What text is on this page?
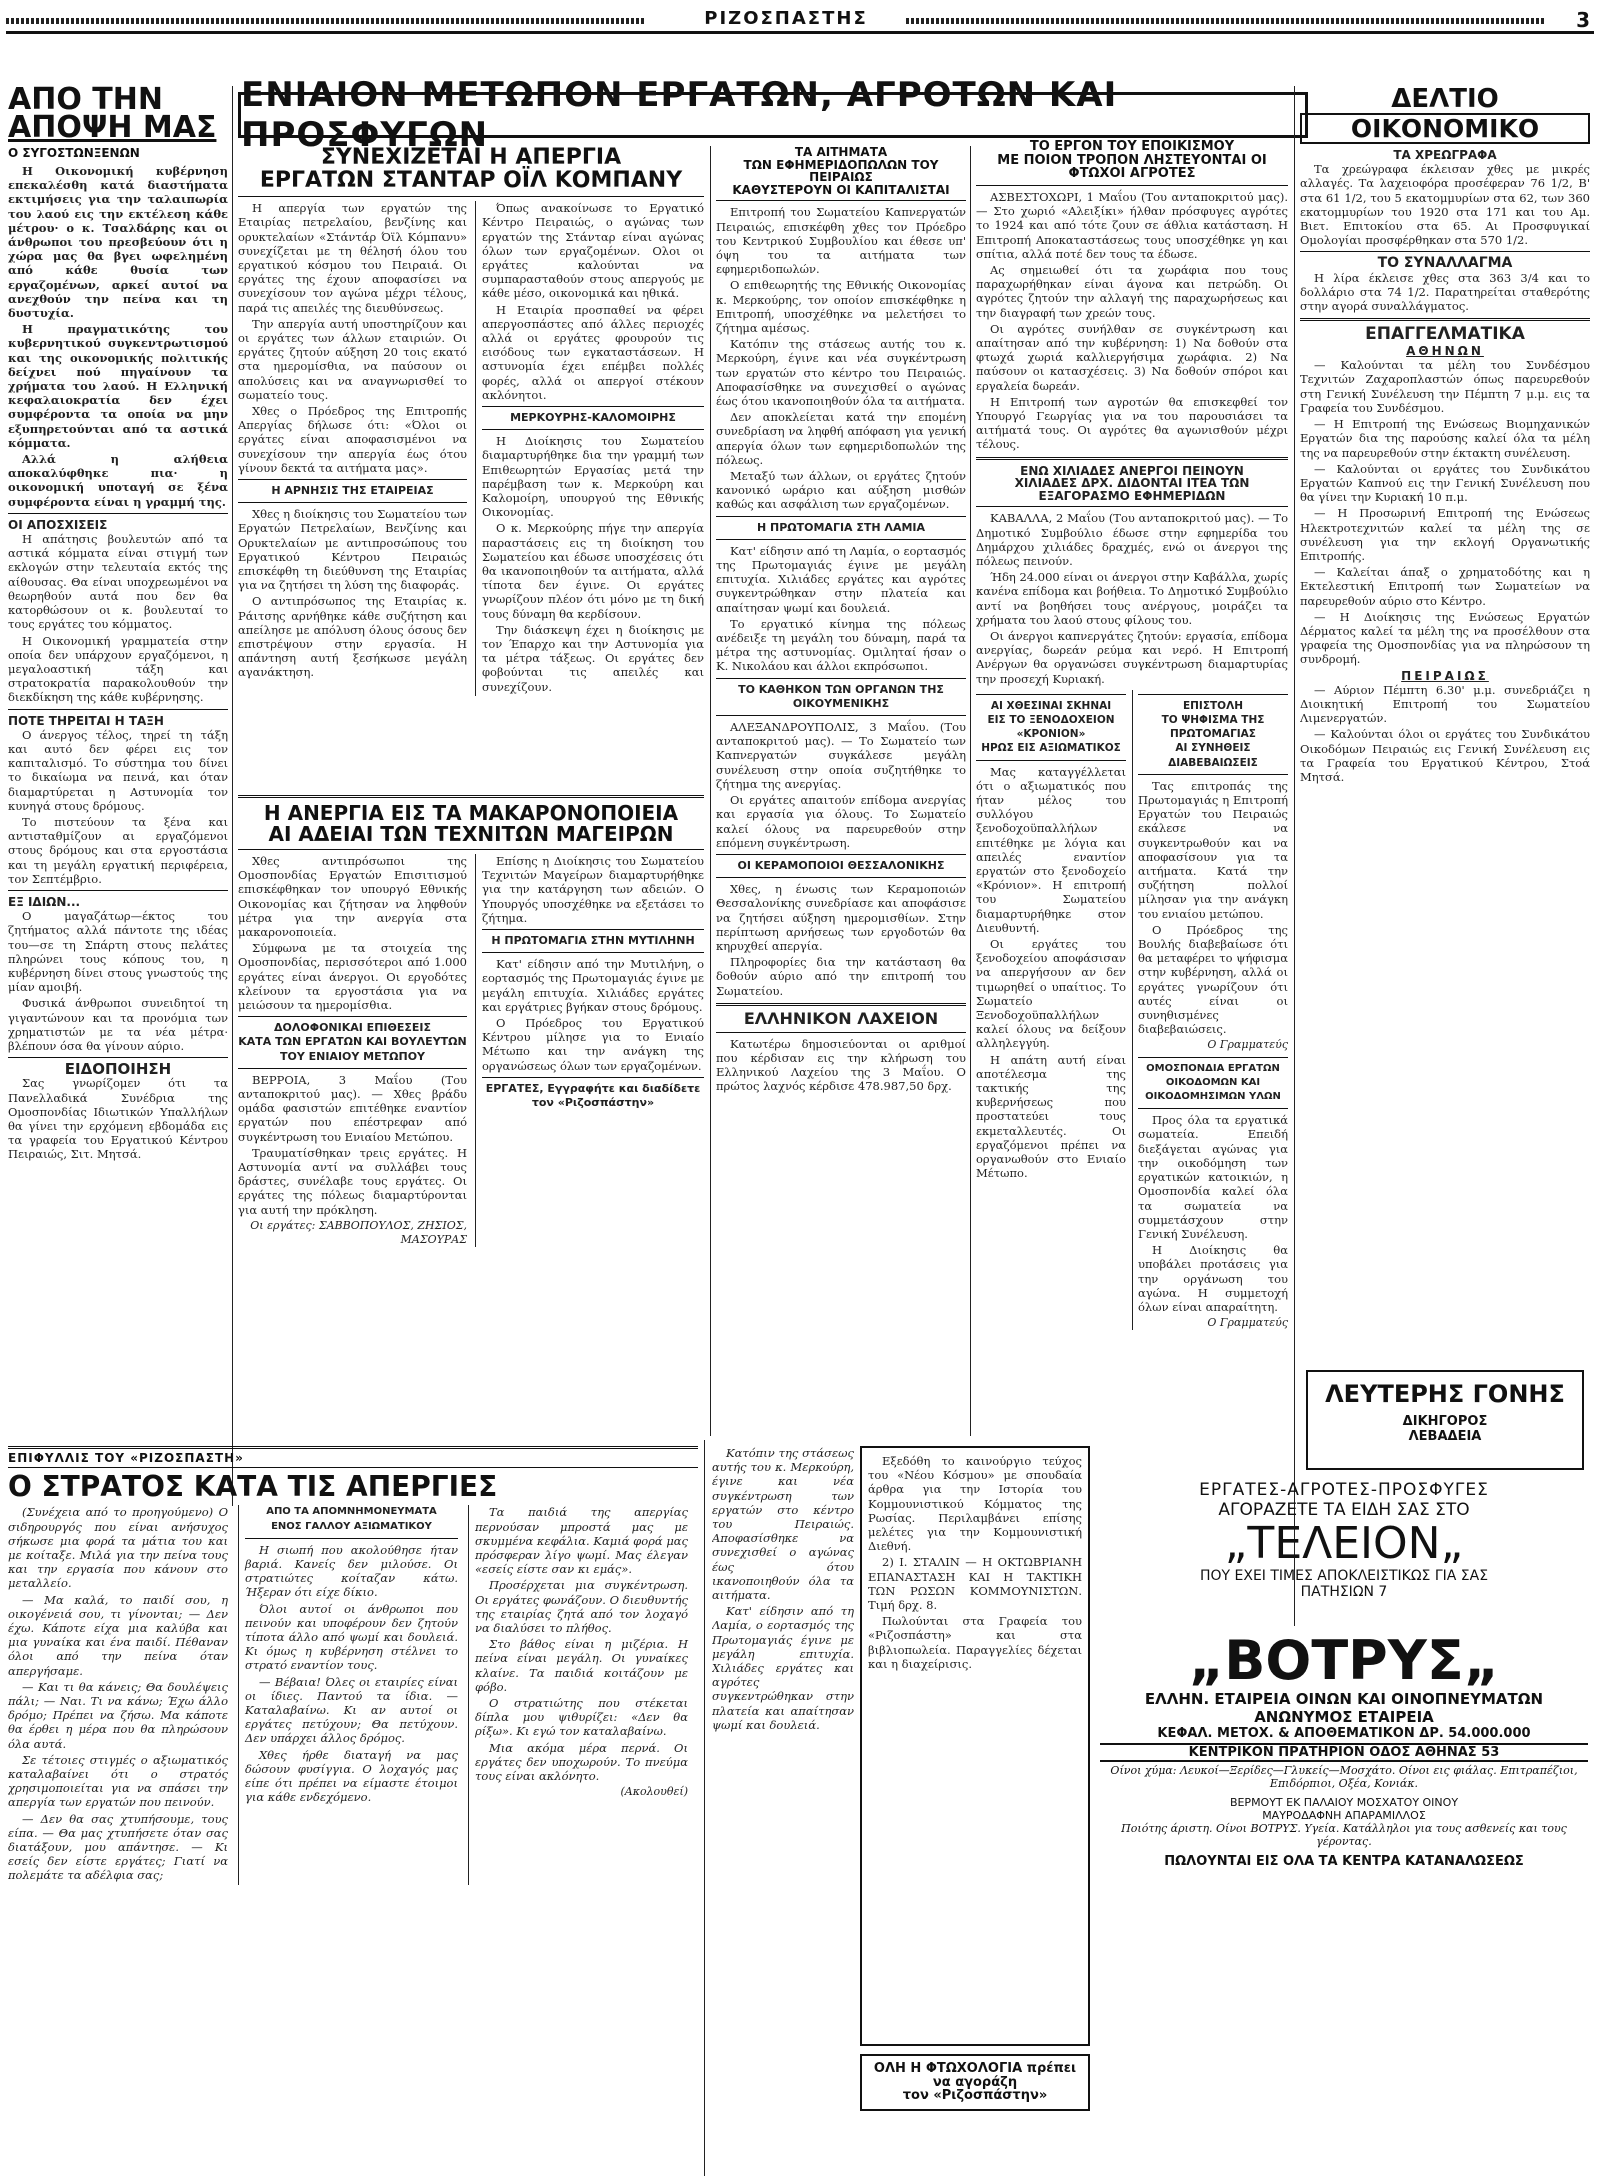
ΡΙΖΟΣΠΑΣΤΗΣ	3
ΕΝΙΑΙΟΝ ΜΕΤΩΠΟΝ ΕΡΓΑΤΩΝ, ΑΓΡΟΤΩΝ ΚΑΙ ΠΡΟΣΦΥΓΩΝ
ΑΠΟ ΤΗΝ
ΑΠΟΨΗ ΜΑΣ
Ο ΣΥΓΟΣΤΩΝΞΕΝΩΝ

Η Οικονομική κυβέρνηση επεκαλέσθη κατά διαστήματα εκτιμήσεις για την ταλαιπωρία του λαού εις την εκτέλεση κάθε μέτρου· ο κ. Τσαλδάρης και οι άνθρωποι του πρεσβεύουν ότι η χώρα μας θα βγει ωφελημένη από κάθε θυσία των εργαζομένων, αρκεί αυτοί να ανεχθούν την πείνα και τη δυστυχία.

Η πραγματικότης του κυβερνητικού συγκεντρωτισμού και της οικονομικής πολιτικής δείχνει πού πηγαίνουν τα χρήματα του λαού. Η Ελληνική κεφαλαιοκρατία δεν έχει συμφέροντα τα οποία να μην εξυπηρετούνται από τα αστικά κόμματα.

Αλλά η αλήθεια αποκαλύφθηκε πια· η οικονομική υποταγή σε ξένα συμφέροντα είναι η γραμμή της.

ΟΙ ΑΠΟΣΧΙΣΕΙΣ

Η απάτησις βουλευτών από τα αστικά κόμματα είναι στιγμή των εκλογών στην τελευταία εκτός της αίθουσας. Θα είναι υποχρεωμένοι να θεωρηθούν αυτά που δεν θα κατορθώσουν οι κ. βουλευταί το τους εργάτες του κόμματος.

Η Οικονομική γραμματεία στην οποία δεν υπάρχουν εργαζόμενοι, η μεγαλοαστική τάξη και στρατοκρατία παρακολουθούν την διεκδίκηση της κάθε κυβέρνησης.

ΠΟΤΕ ΤΗΡΕΙΤΑΙ Η ΤΑΞΗ

Ο άνεργος τέλος, τηρεί τη τάξη και αυτό δεν φέρει εις τον καπιταλισμό. Το σύστημα του δίνει το δικαίωμα να πεινά, και όταν διαμαρτύρεται η Αστυνομία τον κυνηγά στους δρόμους.

Το πιστεύουν τα ξένα και αντισταθμίζουν αι εργαζόμενοι στους δρόμους και στα εργοστάσια και τη μεγάλη εργατική περιφέρεια, τον Σεπτέμβριο.

ΕΞ ΙΔΙΩΝ...

Ο μαγαζάτωρ—έκτος του ζητήματος αλλά πάντοτε της ιδέας του—σε τη Σπάρτη στους πελάτες πληρώνει τους κόπους του, η κυβέρνηση δίνει στους γνωστούς της μίαν αμοιβή.

Φυσικά άνθρωποι συνειδητοί τη γιγαντώνουν και τα προνόμια των χρηματιστών με τα νέα μέτρα· βλέπουν όσα θα γίνουν αύριο.

ΕΙΔΟΠΟΙΗΣΗ

Σας γνωρίζομεν ότι τα Πανελλαδικά Συνέδρια της Ομοσπονδίας Ιδιωτικών Υπαλλήλων θα γίνει την ερχόμενη εβδομάδα εις τα γραφεία του Εργατικού Κέντρου Πειραιώς, Σιτ. Μητσά.

ΣΥΝΕΧΙΖΕΤΑΙ Η ΑΠΕΡΓΙΑ
ΕΡΓΑΤΩΝ ΣΤΑΝΤΑΡ ΟΪΛ ΚΟΜΠΑΝΥ

Η απεργία των εργατών της Εταιρίας πετρελαίου, βενζίνης και ορυκτελαίων «Στάντάρ Όϊλ Κόμπανυ» συνεχίζεται με τη θέλησή όλου του εργατικού κόσμου του Πειραιά. Οι εργάτες της έχουν αποφασίσει να συνεχίσουν τον αγώνα μέχρι τέλους, παρά τις απειλές της διευθύνσεως.

Την απεργία αυτή υποστηρίζουν και οι εργάτες των άλλων εταιριών. Οι εργάτες ζητούν αύξηση 20 τοις εκατό στα ημερομίσθια, να παύσουν οι απολύσεις και να αναγνωρισθεί το σωματείο τους.

Χθες ο Πρόεδρος της Επιτροπής Απεργίας δήλωσε ότι: «Όλοι οι εργάτες είναι αποφασισμένοι να συνεχίσουν την απεργία έως ότου γίνουν δεκτά τα αιτήματα μας».

Η ΑΡΝΗΣΙΣ ΤΗΣ ΕΤΑΙΡΕΙΑΣ

Χθες η διοίκησις του Σωματείου των Εργατών Πετρελαίων, Βενζίνης και Ορυκτελαίων με αντιπροσώπους του Εργατικού Κέντρου Πειραιώς επισκέφθη τη διεύθυνση της Εταιρίας για να ζητήσει τη λύση της διαφοράς.

Ο αντιπρόσωπος της Εταιρίας κ. Ράιτσης αρνήθηκε κάθε συζήτηση και απείλησε με απόλυση όλους όσους δεν επιστρέψουν στην εργασία. Η απάντηση αυτή ξεσήκωσε μεγάλη αγανάκτηση.

Όπως ανακοίνωσε το Εργατικό Κέντρο Πειραιώς, ο αγώνας των εργατών της Στάνταρ είναι αγώνας όλων των εργαζομένων. Ολοι οι εργάτες καλούνται να συμπαρασταθούν στους απεργούς με κάθε μέσο, οικονομικά και ηθικά.

Η Εταιρία προσπαθεί να φέρει απεργοσπάστες από άλλες περιοχές αλλά οι εργάτες φρουρούν τις εισόδους των εγκαταστάσεων. Η αστυνομία έχει επέμβει πολλές φορές, αλλά οι απεργοί στέκουν ακλόνητοι.

ΜΕΡΚΟΥΡΗΣ-ΚΑΛΟΜΟΙΡΗΣ

Η Διοίκησις του Σωματείου διαμαρτυρήθηκε δια την γραμμή των Επιθεωρητών Εργασίας μετά την παρέμβαση των κ. Μερκούρη και Καλομοίρη, υπουργού της Εθνικής Οικονομίας.

Ο κ. Μερκούρης πήγε την απεργία παραστάσεις εις τη διοίκηση του Σωματείου και έδωσε υποσχέσεις ότι θα ικανοποιηθούν τα αιτήματα, αλλά τίποτα δεν έγινε. Οι εργάτες γνωρίζουν πλέον ότι μόνο με τη δική τους δύναμη θα κερδίσουν.

Την διάσκεψη έχει η διοίκησις με τον Έπαρχο και την Αστυνομία για τα μέτρα τάξεως. Οι εργάτες δεν φοβούνται τις απειλές και συνεχίζουν.

Η ΑΝΕΡΓΙΑ ΕΙΣ ΤΑ ΜΑΚΑΡΟΝΟΠΟΙΕΙΑ
ΑΙ ΑΔΕΙΑΙ ΤΩΝ ΤΕΧΝΙΤΩΝ ΜΑΓΕΙΡΩΝ

Χθες αντιπρόσωποι της Ομοσπονδίας Εργατών Επισιτισμού επισκέφθηκαν τον υπουργό Εθνικής Οικονομίας και ζήτησαν να ληφθούν μέτρα για την ανεργία στα μακαρονοποιεία.

Σύμφωνα με τα στοιχεία της Ομοσπονδίας, περισσότεροι από 1.000 εργάτες είναι άνεργοι. Οι εργοδότες κλείνουν τα εργοστάσια για να μειώσουν τα ημερομίσθια.

ΔΟΛΟΦΟΝΙΚΑΙ ΕΠΙΘΕΣΕΙΣ
ΚΑΤΑ ΤΩΝ ΕΡΓΑΤΩΝ ΚΑΙ ΒΟΥΛΕΥΤΩΝ
ΤΟΥ ΕΝΙΑΙΟΥ ΜΕΤΩΠΟΥ

ΒΕΡΡΟΙΑ, 3 Μαΐου (Του ανταποκριτού μας). — Χθες βράδυ ομάδα φασιστών επιτέθηκε εναντίον εργατών που επέστρεφαν από συγκέντρωση του Ενιαίου Μετώπου.

Τραυματίσθηκαν τρεις εργάτες. Η Αστυνομία αντί να συλλάβει τους δράστες, συνέλαβε τους εργάτες. Οι εργάτες της πόλεως διαμαρτύρονται για αυτή την πρόκληση.

Οι εργάτες: ΣΑΒΒΟΠΟΥΛΟΣ, ΖΗΣΙΟΣ, ΜΑΣΟΥΡΑΣ

Επίσης η Διοίκησις του Σωματείου Τεχνιτών Μαγείρων διαμαρτυρήθηκε για την κατάργηση των αδειών. Ο Υπουργός υποσχέθηκε να εξετάσει το ζήτημα.

Η ΠΡΩΤΟΜΑΓΙΑ ΣΤΗΝ ΜΥΤΙΛΗΝΗ

Κατ' είδησιν από την Μυτιλήνη, ο εορτασμός της Πρωτομαγιάς έγινε με μεγάλη επιτυχία. Χιλιάδες εργάτες και εργάτριες βγήκαν στους δρόμους.

Ο Πρόεδρος του Εργατικού Κέντρου μίλησε για το Ενιαίο Μέτωπο και την ανάγκη της οργανώσεως όλων των εργαζομένων.

ΕΡΓΑΤΕΣ, Εγγραφήτε και διαδίδετε τον «Ριζοσπάστην»
ΤΑ ΑΙΤΗΜΑΤΑ
ΤΩΝ ΕΦΗΜΕΡΙΔΟΠΩΛΩΝ ΤΟΥ ΠΕΙΡΑΙΩΣ
ΚΑΘΥΣΤΕΡΟΥΝ ΟΙ ΚΑΠΙΤΑΛΙΣΤΑΙ

Επιτροπή του Σωματείου Καπνεργατών Πειραιώς, επισκέφθη χθες τον Πρόεδρο του Κεντρικού Συμβουλίου και έθεσε υπ' όψη του τα αιτήματα των εφημεριδοπωλών.

Ο επιθεωρητής της Εθνικής Οικονομίας κ. Μερκούρης, τον οποίον επισκέφθηκε η Επιτροπή, υποσχέθηκε να μελετήσει το ζήτημα αμέσως.

Κατόπιν της στάσεως αυτής του κ. Μερκούρη, έγινε και νέα συγκέντρωση των εργατών στο κέντρο του Πειραιώς. Αποφασίσθηκε να συνεχισθεί ο αγώνας έως ότου ικανοποιηθούν όλα τα αιτήματα.

Δεν αποκλείεται κατά την επομένη συνεδρίαση να ληφθή απόφαση για γενική απεργία όλων των εφημεριδοπωλών της πόλεως.

Μεταξύ των άλλων, οι εργάτες ζητούν κανονικό ωράριο και αύξηση μισθών καθώς και ασφάλιση των εργαζομένων.

Η ΠΡΩΤΟΜΑΓΙΑ ΣΤΗ ΛΑΜΙΑ

Κατ' είδησιν από τη Λαμία, ο εορτασμός της Πρωτομαγιάς έγινε με μεγάλη επιτυχία. Χιλιάδες εργάτες και αγρότες συγκεντρώθηκαν στην πλατεία και απαίτησαν ψωμί και δουλειά.

Το εργατικό κίνημα της πόλεως ανέδειξε τη μεγάλη του δύναμη, παρά τα μέτρα της αστυνομίας. Ομιληταί ήσαν ο Κ. Νικολάου και άλλοι εκπρόσωποι.

ΤΟ ΚΑΘΗΚΟΝ ΤΩΝ ΟΡΓΑΝΩΝ ΤΗΣ ΟΙΚΟΥΜΕΝΙΚΗΣ

ΑΛΕΞΑΝΔΡΟΥΠΟΛΙΣ, 3 Μαΐου. (Του ανταποκριτού μας). — Το Σωματείο των Καπνεργατών συγκάλεσε μεγάλη συνέλευση στην οποία συζητήθηκε το ζήτημα της ανεργίας.

Οι εργάτες απαιτούν επίδομα ανεργίας και εργασία για όλους. Το Σωματείο καλεί όλους να παρευρεθούν στην επόμενη συγκέντρωση.

ΟΙ ΚΕΡΑΜΟΠΟΙΟΙ ΘΕΣΣΑΛΟΝΙΚΗΣ

Χθες, η ένωσις των Κεραμοποιών Θεσσαλονίκης συνεδρίασε και αποφάσισε να ζητήσει αύξηση ημερομισθίων. Στην περίπτωση αρνήσεως των εργοδοτών θα κηρυχθεί απεργία.

Πληροφορίες δια την κατάσταση θα δοθούν αύριο από την επιτροπή του Σωματείου.

ΕΛΛΗΝΙΚΟΝ ΛΑΧΕΙΟΝ

Κατωτέρω δημοσιεύονται οι αριθμοί που κέρδισαν εις την κλήρωση του Ελληνικού Λαχείου της 3 Μαΐου. Ο πρώτος λαχνός κέρδισε 478.987,50 δρχ.

ΤΟ ΕΡΓΟΝ ΤΟΥ ΕΠΟΙΚΙΣΜΟΥ
ΜΕ ΠΟΙΟΝ ΤΡΟΠΟΝ ΛΗΣΤΕΥΟΝΤΑΙ ΟΙ ΦΤΩΧΟΙ ΑΓΡΟΤΕΣ

ΑΣΒΕΣΤΟΧΩΡΙ, 1 Μαΐου (Του ανταποκριτού μας). — Στο χωριό «Αλειξίκι» ήλθαν πρόσφυγες αγρότες το 1924 και από τότε ζουν σε άθλια κατάσταση. Η Επιτροπή Αποκαταστάσεως τους υποσχέθηκε γη και σπίτια, αλλά ποτέ δεν τους τα έδωσε.

Ας σημειωθεί ότι τα χωράφια που τους παραχωρήθηκαν είναι άγονα και πετρώδη. Οι αγρότες ζητούν την αλλαγή της παραχωρήσεως και την διαγραφή των χρεών τους.

Οι αγρότες συνήλθαν σε συγκέντρωση και απαίτησαν από την κυβέρνηση: 1) Να δοθούν στα φτωχά χωριά καλλιεργήσιμα χωράφια. 2) Να παύσουν οι κατασχέσεις. 3) Να δοθούν σπόροι και εργαλεία δωρεάν.

Η Επιτροπή των αγροτών θα επισκεφθεί τον Υπουργό Γεωργίας για να του παρουσιάσει τα αιτήματά τους. Οι αγρότες θα αγωνισθούν μέχρι τέλους.

ΕΝΩ ΧΙΛΙΑΔΕΣ ΑΝΕΡΓΟΙ ΠΕΙΝΟΥΝ
ΧΙΛΙΑΔΕΣ ΔΡΧ. ΔΙΔΟΝΤΑΙ ΙΤΕΑ ΤΩΝ ΕΞΑΓΟΡΑΣΜΟ ΕΦΗΜΕΡΙΔΩΝ

ΚΑΒΑΛΛΑ, 2 Μαΐου (Του ανταποκριτού μας). — Το Δημοτικό Συμβούλιο έδωσε στην εφημερίδα του Δημάρχου χιλιάδες δραχμές, ενώ οι άνεργοι της πόλεως πεινούν.

Ήδη 24.000 είναι οι άνεργοι στην Καβάλλα, χωρίς κανένα επίδομα και βοήθεια. Το Δημοτικό Συμβούλιο αντί να βοηθήσει τους ανέργους, μοιράζει τα χρήματα του λαού στους φίλους του.

Οι άνεργοι καπνεργάτες ζητούν: εργασία, επίδομα ανεργίας, δωρεάν ρεύμα και νερό. Η Επιτροπή Ανέργων θα οργανώσει συγκέντρωση διαμαρτυρίας την προσεχή Κυριακή.

ΑΙ ΧΘΕΣΙΝΑΙ ΣΚΗΝΑΙ
ΕΙΣ ΤΟ ΞΕΝΟΔΟΧΕΙΟΝ «ΚΡΟΝΙΟΝ»
ΗΡΩΣ ΕΙΣ ΑΞΙΩΜΑΤΙΚΟΣ

Μας καταγγέλλεται ότι ο αξιωματικός που ήταν μέλος του συλλόγου ξενοδοχοϋπαλλήλων επιτέθηκε με λόγια και απειλές εναντίον εργατών στο ξενοδοχείο «Κρόνιον». Η επιτροπή του Σωματείου διαμαρτυρήθηκε στον Διευθυντή.

Οι εργάτες του ξενοδοχείου αποφάσισαν να απεργήσουν αν δεν τιμωρηθεί ο υπαίτιος. Το Σωματείο Ξενοδοχοϋπαλλήλων καλεί όλους να δείξουν αλληλεγγύη.

Η απάτη αυτή είναι αποτέλεσμα της τακτικής της κυβερνήσεως που προστατεύει τους εκμεταλλευτές. Οι εργαζόμενοι πρέπει να οργανωθούν στο Ενιαίο Μέτωπο.

ΕΠΙΣΤΟΛΗ
ΤΟ ΨΗΦΙΣΜΑ ΤΗΣ ΠΡΩΤΟΜΑΓΙΑΣ
ΑΙ ΣΥΝΗΘΕΙΣ ΔΙΑΒΕΒΑΙΩΣΕΙΣ

Τας επιτροπάς της Πρωτομαγιάς η Επιτροπή Εργατών του Πειραιώς εκάλεσε να συγκεντρωθούν και να αποφασίσουν για τα αιτήματα. Κατά την συζήτηση πολλοί μίλησαν για την ανάγκη του ενιαίου μετώπου.

Ο Πρόεδρος της Βουλής διαβεβαίωσε ότι θα μεταφέρει το ψήφισμα στην κυβέρνηση, αλλά οι εργάτες γνωρίζουν ότι αυτές είναι οι συνηθισμένες διαβεβαιώσεις.

Ο Γραμματεύς
ΟΜΟΣΠΟΝΔΙΑ ΕΡΓΑΤΩΝ
ΟΙΚΟΔΟΜΩΝ ΚΑΙ ΟΙΚΟΔΟΜΗΣΙΜΩΝ ΥΛΩΝ

Προς όλα τα εργατικά σωματεία. Επειδή διεξάγεται αγώνας για την οικοδόμηση των εργατικών κατοικιών, η Ομοσπονδία καλεί όλα τα σωματεία να συμμετάσχουν στην Γενική Συνέλευση.

Η Διοίκησις θα υποβάλει προτάσεις για την οργάνωση του αγώνα. Η συμμετοχή όλων είναι απαραίτητη.

Ο Γραμματεύς
ΔΕΛΤΙΟ
ΟΙΚΟΝΟΜΙΚΟ
ΤΑ ΧΡΕΩΓΡΑΦΑ

Τα χρεώγραφα έκλεισαν χθες με μικρές αλλαγές. Τα λαχειοφόρα προσέφεραν 76 1/2, Β' στα 61 1/2, του 5 εκατομμυρίων στα 62, των 360 εκατομμυρίων του 1920 στα 171 και του Αμ. Βιετ. Επιτοκίου στα 65. Αι Προσφυγικαί Ομολογίαι προσφέρθηκαν στα 570 1/2.

ΤΟ ΣΥΝΑΛΛΑΓΜΑ

Η λίρα έκλεισε χθες στα 363 3/4 και το δολλάριο στα 74 1/2. Παρατηρείται σταθερότης στην αγορά συναλλάγματος.

ΕΠΑΓΓΕΛΜΑΤΙΚΑ
ΑΘΗΝΩΝ

— Καλούνται τα μέλη του Συνδέσμου Τεχνιτών Ζαχαροπλαστών όπως παρευρεθούν στη Γενική Συνέλευση την Πέμπτη 7 μ.μ. εις τα Γραφεία του Συνδέσμου.

— Η Επιτροπή της Ενώσεως Βιομηχανικών Εργατών δια της παρούσης καλεί όλα τα μέλη της να παρευρεθούν στην έκτακτη συνέλευση.

— Καλούνται οι εργάτες του Συνδικάτου Εργατών Καπνού εις την Γενική Συνέλευση που θα γίνει την Κυριακή 10 π.μ.

— Η Προσωρινή Επιτροπή της Ενώσεως Ηλεκτροτεχνιτών καλεί τα μέλη της σε συνέλευση για την εκλογή Οργανωτικής Επιτροπής.

— Καλείται άπαξ ο χρηματοδότης και η Εκτελεστική Επιτροπή των Σωματείων να παρευρεθούν αύριο στο Κέντρο.

— Η Διοίκησις της Ενώσεως Εργατών Δέρματος καλεί τα μέλη της να προσέλθουν στα γραφεία της Ομοσπονδίας για να πληρώσουν τη συνδρομή.

ΠΕΙΡΑΙΩΣ

— Αύριον Πέμπτη 6.30' μ.μ. συνεδριάζει η Διοικητική Επιτροπή του Σωματείου Λιμενεργατών.

— Καλούνται όλοι οι εργάτες του Συνδικάτου Οικοδόμων Πειραιώς εις Γενική Συνέλευση εις τα Γραφεία του Εργατικού Κέντρου, Στοά Μητσά.

ΛΕΥΤΕΡΗΣ ΓΟΝΗΣ
ΔΙΚΗΓΟΡΟΣ
ΛΕΒΑΔΕΙΑ
ΕΠΙΦΥΛΛΙΣ ΤΟΥ «ΡΙΖΟΣΠΑΣΤΗ»
Ο ΣΤΡΑΤΟΣ ΚΑΤΑ ΤΙΣ ΑΠΕΡΓΙΕΣ

(Συνέχεια από το προηγούμενο) Ο σιδηρουργός που είναι ανήσυχος σήκωσε μια φορά τα μάτια του και με κοίταξε. Μιλά για την πείνα τους και την εργασία που κάνουν στο μεταλλείο.

— Μα καλά, το παιδί σου, η οικογένειά σου, τι γίνονται; — Δεν έχω. Κάποτε είχα μια καλύβα και μια γυναίκα και ένα παιδί. Πέθαναν όλοι από την πείνα όταν απεργήσαμε.

— Και τι θα κάνεις; Θα δουλέψεις πάλι; — Ναι. Τι να κάνω; Έχω άλλο δρόμο; Πρέπει να ζήσω. Μα κάποτε θα έρθει η μέρα που θα πληρώσουν όλα αυτά.

Σε τέτοιες στιγμές ο αξιωματικός καταλαβαίνει ότι ο στρατός χρησιμοποιείται για να σπάσει την απεργία των εργατών που πεινούν.

— Δεν θα σας χτυπήσουμε, τους είπα. — Θα μας χτυπήσετε όταν σας διατάξουν, μου απάντησε. — Κι εσείς δεν είστε εργάτες; Γιατί να πολεμάτε τα αδέλφια σας;

ΑΠΟ ΤΑ ΑΠΟΜΝΗΜΟΝΕΥΜΑΤΑ
ΕΝΟΣ ΓΑΛΛΟΥ ΑΞΙΩΜΑΤΙΚΟΥ

Η σιωπή που ακολούθησε ήταν βαριά. Κανείς δεν μιλούσε. Οι στρατιώτες κοίταζαν κάτω. Ήξεραν ότι είχε δίκιο.

Όλοι αυτοί οι άνθρωποι που πεινούν και υποφέρουν δεν ζητούν τίποτα άλλο από ψωμί και δουλειά. Κι όμως η κυβέρνηση στέλνει το στρατό εναντίον τους.

— Βέβαια! Όλες οι εταιρίες είναι οι ίδιες. Παντού τα ίδια. — Καταλαβαίνω. Κι αν αυτοί οι εργάτες πετύχουν; Θα πετύχουν. Δεν υπάρχει άλλος δρόμος.

Χθες ήρθε διαταγή να μας δώσουν φυσίγγια. Ο λοχαγός μας είπε ότι πρέπει να είμαστε έτοιμοι για κάθε ενδεχόμενο.

Τα παιδιά της απεργίας περνούσαν μπροστά μας με σκυμμένα κεφάλια. Καμιά φορά μας πρόσφεραν λίγο ψωμί. Μας έλεγαν «εσείς είστε σαν κι εμάς».

Προσέρχεται μια συγκέντρωση. Οι εργάτες φωνάζουν. Ο διευθυντής της εταιρίας ζητά από τον λοχαγό να διαλύσει το πλήθος.

Στο βάθος είναι η μιζέρια. Η πείνα είναι μεγάλη. Οι γυναίκες κλαίνε. Τα παιδιά κοιτάζουν με φόβο.

Ο στρατιώτης που στέκεται δίπλα μου ψιθυρίζει: «Δεν θα ρίξω». Κι εγώ τον καταλαβαίνω.

Μια ακόμα μέρα περνά. Οι εργάτες δεν υποχωρούν. Το πνεύμα τους είναι ακλόνητο.

(Ακολουθεί)

Εξεδόθη το καινούργιο τεύχος του «Νέου Κόσμου» με σπουδαία άρθρα για την Ιστορία του Κομμουνιστικού Κόμματος της Ρωσίας. Περιλαμβάνει επίσης μελέτες για την Κομμουνιστική Διεθνή.

2) Ι. ΣΤΑΛΙΝ — Η ΟΚΤΩΒΡΙΑΝΗ ΕΠΑΝΑΣΤΑΣΗ ΚΑΙ Η ΤΑΚΤΙΚΗ ΤΩΝ ΡΩΣΩΝ ΚΟΜΜΟΥΝΙΣΤΩΝ. Τιμή δρχ. 8.

Πωλούνται στα Γραφεία του «Ριζοσπάστη» και στα βιβλιοπωλεία. Παραγγελίες δέχεται και η διαχείρισις.

ΟΛΗ Η ΦΤΩΧΟΛΟΓΙΑ πρέπει να αγοράζη
τον «Ριζοσπάστην»

Κατόπιν της στάσεως αυτής του κ. Μερκούρη, έγινε και νέα συγκέντρωση των εργατών στο κέντρο του Πειραιώς. Αποφασίσθηκε να συνεχισθεί ο αγώνας έως ότου ικανοποιηθούν όλα τα αιτήματα.

Κατ' είδησιν από τη Λαμία, ο εορτασμός της Πρωτομαγιάς έγινε με μεγάλη επιτυχία. Χιλιάδες εργάτες και αγρότες συγκεντρώθηκαν στην πλατεία και απαίτησαν ψωμί και δουλειά.

ΕΡΓΑΤΕΣ-ΑΓΡΟΤΕΣ-ΠΡΟΣΦΥΓΕΣ
ΑΓΟΡΑΖΕΤΕ ΤΑ ΕΙΔΗ ΣΑΣ ΣΤΟ
„ΤΕΛΕΙΟΝ„
ΠΟΥ ΕΧΕΙ ΤΙΜΕΣ ΑΠΟΚΛΕΙΣΤΙΚΩΣ ΓΙΑ ΣΑΣ
ΠΑΤΗΣΙΩΝ 7
„ΒΟΤΡΥΣ„
ΕΛΛΗΝ. ΕΤΑΙΡΕΙΑ ΟΙΝΩΝ ΚΑΙ ΟΙΝΟΠΝΕΥΜΑΤΩΝ
ΑΝΩΝΥΜΟΣ ΕΤΑΙΡΕΙΑ
ΚΕΦΑΛ. ΜΕΤΟΧ. & ΑΠΟΘΕΜΑΤΙΚΟΝ ΔΡ. 54.000.000
ΚΕΝΤΡΙΚΟΝ ΠΡΑΤΗΡΙΟΝ ΟΔΟΣ ΑΘΗΝΑΣ 53
Οίνοι χύμα: Λευκοί—Ξερίδες—Γλυκείς—Μοσχάτο. Οίνοι εις φιάλας. Επιτραπέζιοι, Επιδόρπιοι, Οξέα, Κονιάκ.
ΒΕΡΜΟΥΤ ΕΚ ΠΑΛΑΙΟΥ ΜΟΣΧΑΤΟΥ ΟΙΝΟΥ
ΜΑΥΡΟΔΑΦΝΗ ΑΠΑΡΑΜΙΛΛΟΣ
Ποιότης άριστη. Οίνοι ΒΟΤΡΥΣ. Υγεία. Κατάλληλοι για τους ασθενείς και τους γέροντας.
ΠΩΛΟΥΝΤΑΙ ΕΙΣ ΟΛΑ ΤΑ ΚΕΝΤΡΑ ΚΑΤΑΝΑΛΩΣΕΩΣ
